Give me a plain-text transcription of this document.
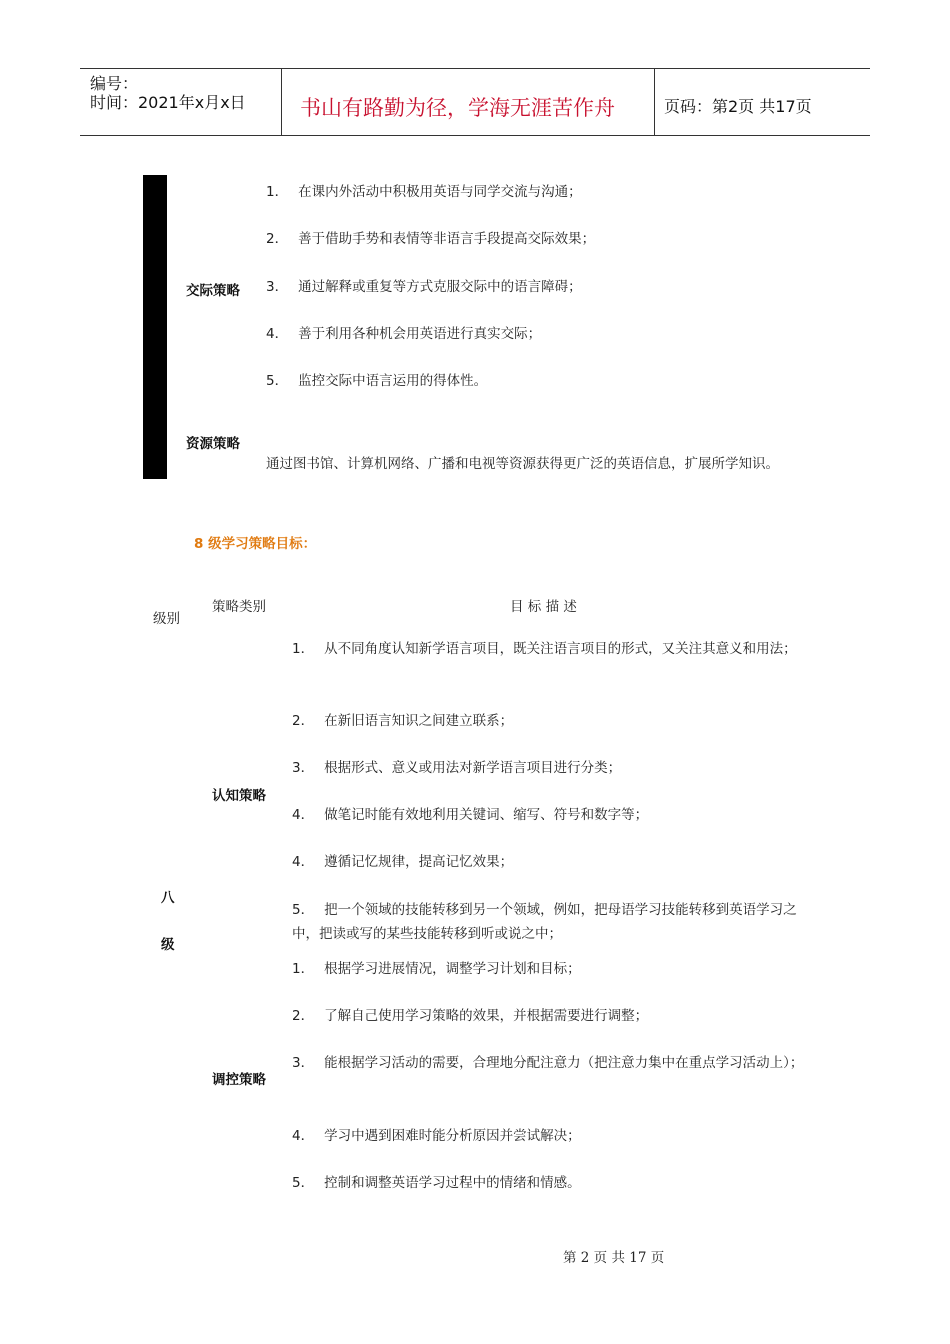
编号：
时间：2021年x月x日	书山有路勤为径，学海无涯苦作舟	页码：第2页 共17页
交际策略
1． 在课内外活动中积极用英语与同学交流与沟通；
2． 善于借助手势和表情等非语言手段提高交际效果；
3． 通过解释或重复等方式克服交际中的语言障碍；
4． 善于利用各种机会用英语进行真实交际；
5． 监控交际中语言运用的得体性。
资源策略
通过图书馆、计算机网络、广播和电视等资源获得更广泛的英语信息，扩展所学知识。
8 级学习策略目标：
级别
策略类别	目 标 描 述
八
级
认知策略
1． 从不同角度认知新学语言项目，既关注语言项目的形式，又关注其意义和用法；
2． 在新旧语言知识之间建立联系；
3． 根据形式、意义或用法对新学语言项目进行分类；
4． 做笔记时能有效地利用关键词、缩写、符号和数字等；
4． 遵循记忆规律，提高记忆效果；
5． 把一个领域的技能转移到另一个领域，例如，把母语学习技能转移到英语学习之中，把读或写的某些技能转移到听或说之中；
调控策略
1． 根据学习进展情况，调整学习计划和目标；
2． 了解自己使用学习策略的效果，并根据需要进行调整；
3． 能根据学习活动的需要，合理地分配注意力（把注意力集中在重点学习活动上）；
4． 学习中遇到困难时能分析原因并尝试解决；
5． 控制和调整英语学习过程中的情绪和情感。
第 2 页 共 17 页
